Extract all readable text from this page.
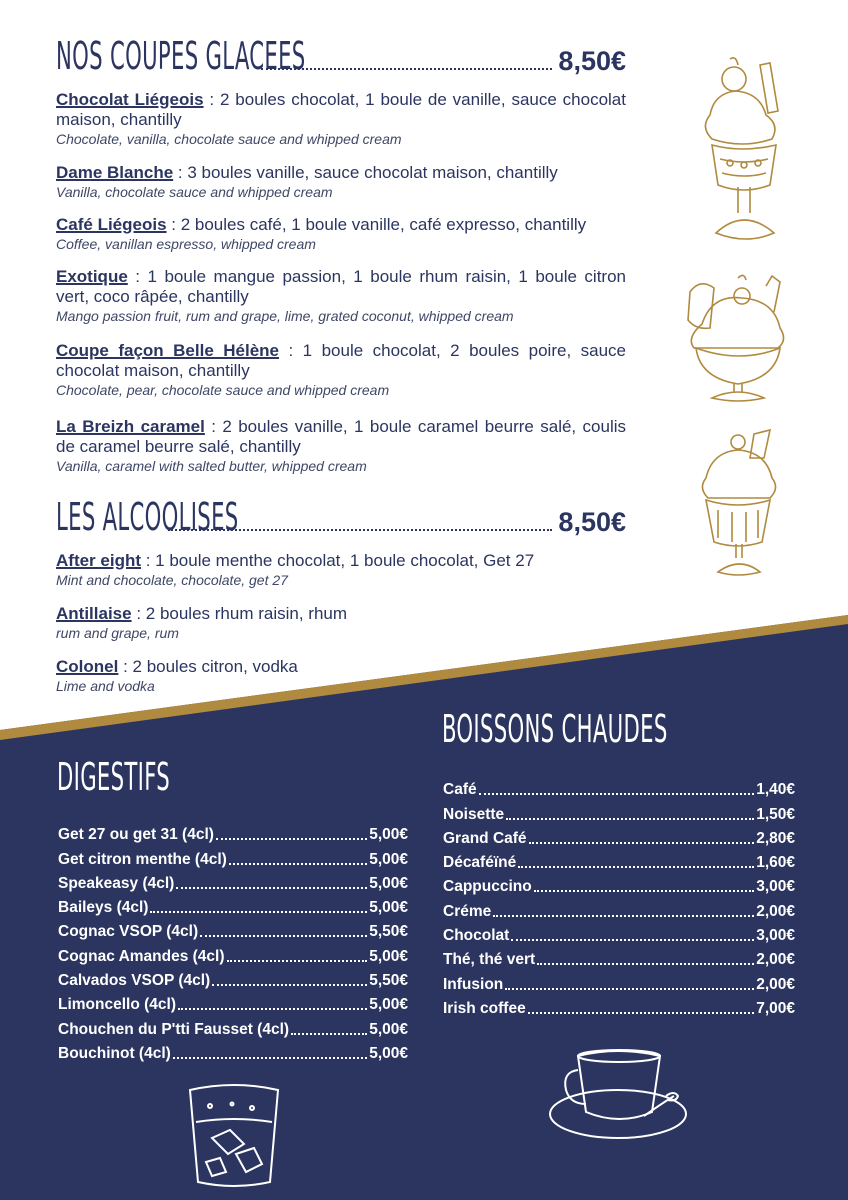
NOS COUPES GLACEES	8,50€
Chocolat Liégeois : 2 boules chocolat, 1 boule de vanille, sauce chocolat maison, chantilly
Chocolate, vanilla, chocolate sauce and whipped cream
Dame Blanche : 3 boules vanille, sauce chocolat maison, chantilly
Vanilla, chocolate sauce and whipped cream
Café Liégeois : 2 boules café, 1 boule vanille, café expresso, chantilly
Coffee, vanillan espresso, whipped cream
Exotique : 1 boule mangue passion, 1 boule rhum raisin, 1 boule citron vert, coco râpée, chantilly
Mango passion fruit, rum and grape, lime, grated coconut, whipped cream
Coupe façon Belle Hélène : 1 boule chocolat, 2 boules poire, sauce chocolat maison, chantilly
Chocolate, pear, chocolate sauce and whipped cream
La Breizh caramel : 2 boules vanille, 1 boule caramel beurre salé, coulis de caramel beurre salé, chantilly
Vanilla, caramel with salted butter, whipped cream
LES ALCOOLISES	8,50€
After eight : 1 boule menthe chocolat, 1 boule chocolat, Get 27
Mint and chocolate, chocolate, get 27
Antillaise : 2 boules rhum raisin, rhum
rum and grape, rum
Colonel : 2 boules citron, vodka
Lime and vodka
DIGESTIFS
Get 27 ou get 31 (4cl)	5,00€
Get citron menthe (4cl)	5,00€
Speakeasy (4cl)	5,00€
Baileys (4cl)	5,00€
Cognac VSOP (4cl)	5,50€
Cognac Amandes (4cl)	5,00€
Calvados VSOP (4cl)	5,50€
Limoncello (4cl)	5,00€
Chouchen du P'tti Fausset (4cl)	5,00€
Bouchinot (4cl)	5,00€
BOISSONS CHAUDES
Café	1,40€
Noisette	1,50€
Grand Café	2,80€
Décaféïné	1,60€
Cappuccino	3,00€
Créme	2,00€
Chocolat	3,00€
Thé, thé vert	2,00€
Infusion	2,00€
Irish coffee	7,00€
